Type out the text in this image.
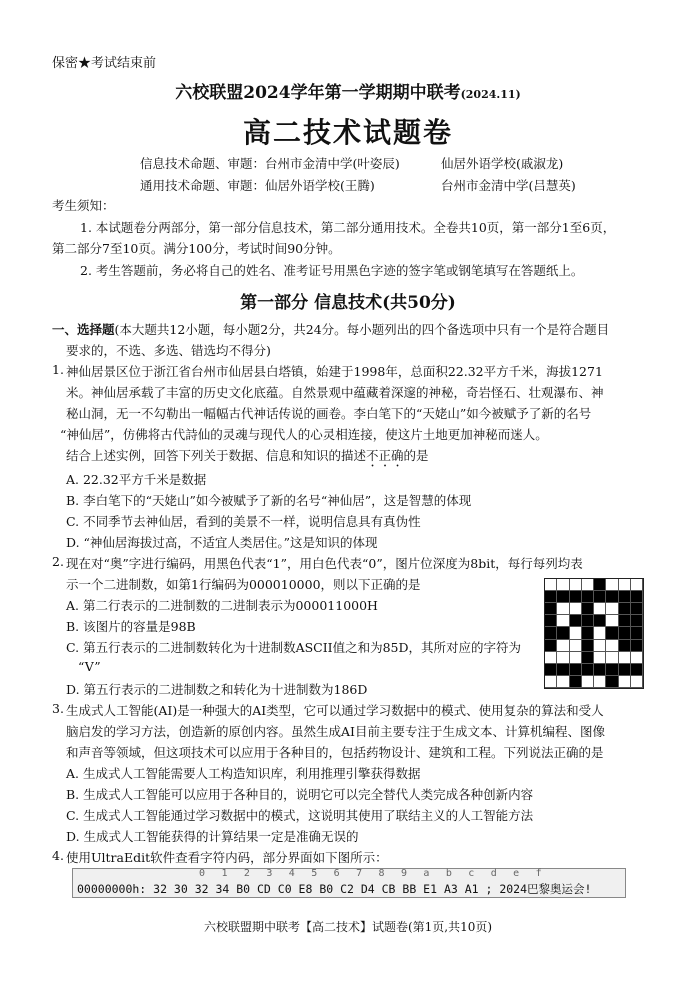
保密★考试结束前
六校联盟2024学年第一学期期中联考(2024.11)
高二技术试题卷
信息技术命题、审题：台州市金清中学(叶姿辰)	仙居外语学校(戚淑龙)
通用技术命题、审题：仙居外语学校(王腾)	台州市金清中学(吕慧英)
考生须知：
1. 本试题卷分两部分，第一部分信息技术，第二部分通用技术。全卷共10页，第一部分1至6页，
第二部分7至10页。满分100分，考试时间90分钟。
2. 考生答题前，务必将自己的姓名、准考证号用黑色字迹的签字笔或钢笔填写在答题纸上。
第一部分 信息技术(共50分)
一、选择题(本大题共12小题，每小题2分，共24分。每小题列出的四个备选项中只有一个是符合题目
要求的，不选、多选、错选均不得分)
1. 神仙居景区位于浙江省台州市仙居县白塔镇，始建于1998年，总面积22.32平方千米，海拔1271
米。神仙居承载了丰富的历史文化底蕴。自然景观中蕴藏着深邃的神秘，奇岩怪石、壮观瀑布、神
秘山洞，无一不勾勒出一幅幅古代神话传说的画卷。李白笔下的“天姥山”如今被赋予了新的名号
“神仙居”，仿佛将古代詩仙的灵魂与现代人的心灵相连接，使这片土地更加神秘而迷人。
结合上述实例，回答下列关于数据、信息和知识的描述不正确的是
A. 22.32平方千米是数据
B. 李白笔下的“天姥山”如今被赋予了新的名号“神仙居”，这是智慧的体现
C. 不同季节去神仙居，看到的美景不一样，说明信息具有真伪性
D. “神仙居海拔过高，不适宜人类居住。”这是知识的体现
2. 现在对“奥”字进行编码，用黑色代表“1”，用白色代表“0”，图片位深度为8bit，每行每列均表
示一个二进制数，如第1行编码为000010000，则以下正确的是
A. 第二行表示的二进制数的二进制表示为000011000H
B. 该图片的容量是98B
C. 第五行表示的二进制数转化为十进制数ASCII值之和为85D，其所对应的字符为
“V”
D. 第五行表示的二进制数之和转化为十进制数为186D
3. 生成式人工智能(AI)是一种强大的AI类型，它可以通过学习数据中的模式、使用复杂的算法和受人
脑启发的学习方法，创造新的原创内容。虽然生成AI目前主要专注于生成文本、计算机编程、图像
和声音等领域，但这项技术可以应用于各种目的，包括药物设计、建筑和工程。下列说法正确的是
A. 生成式人工智能需要人工构造知识库，利用推理引擎获得数据
B. 生成式人工智能可以应用于各种目的，说明它可以完全替代人类完成各种创新内容
C. 生成式人工智能通过学习数据中的模式，这说明其使用了联结主义的人工智能方法
D. 生成式人工智能获得的计算结果一定是准确无误的
4. 使用UltraEdit软件查看字符内码，部分界面如下图所示：
0 1 2 3 4 5 6 7 8 9 a b c d e f
00000000h: 32 30 32 34 B0 CD C0 E8 B0 C2 D4 CB BB E1 A3 A1 ; 2024巴黎奥运会!
六校联盟期中联考【高二技术】试题卷(第1页,共10页)
